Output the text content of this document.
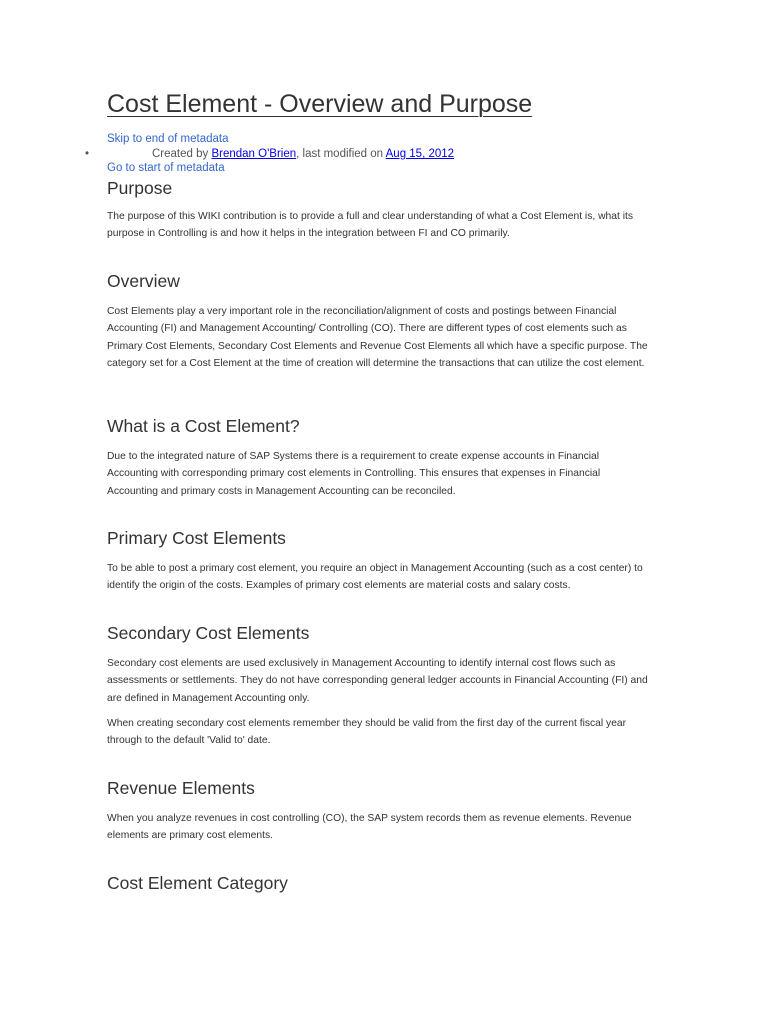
Cost Element - Overview and Purpose
Skip to end of metadata
•	Created by Brendan O'Brien, last modified on Aug 15, 2012
Go to start of metadata
Purpose

The purpose of this WIKI contribution is to provide a full and clear understanding of what a Cost Element is, what its purpose in Controlling is and how it helps in the integration between FI and CO primarily.

Overview

Cost Elements play a very important role in the reconciliation/alignment of costs and postings between Financial Accounting (FI) and Management Accounting/ Controlling (CO). There are different types of cost elements such as Primary Cost Elements, Secondary Cost Elements and Revenue Cost Elements all which have a specific purpose. The category set for a Cost Element at the time of creation will determine the transactions that can utilize the cost element.

What is a Cost Element?

Due to the integrated nature of SAP Systems there is a requirement to create expense accounts in Financial Accounting with corresponding primary cost elements in Controlling. This ensures that expenses in Financial Accounting and primary costs in Management Accounting can be reconciled.

Primary Cost Elements

To be able to post a primary cost element, you require an object in Management Accounting (such as a cost center) to identify the origin of the costs. Examples of primary cost elements are material costs and salary costs.

Secondary Cost Elements

Secondary cost elements are used exclusively in Management Accounting to identify internal cost flows such as assessments or settlements. They do not have corresponding general ledger accounts in Financial Accounting (FI) and are defined in Management Accounting only.

When creating secondary cost elements remember they should be valid from the first day of the current fiscal year through to the default 'Valid to' date.

Revenue Elements

When you analyze revenues in cost controlling (CO), the SAP system records them as revenue elements. Revenue elements are primary cost elements.

Cost Element Category
